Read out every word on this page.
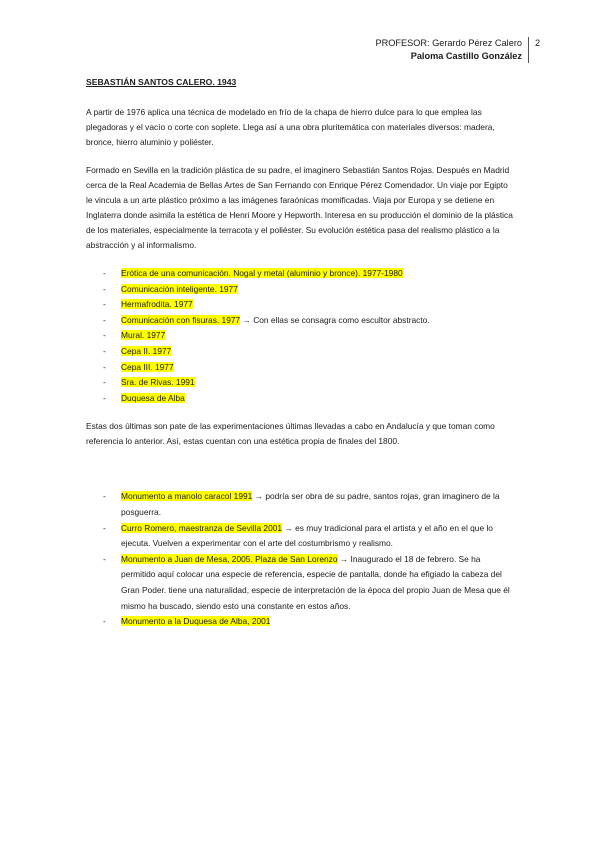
PROFESOR: Gerardo Pérez Calero
Paloma Castillo González
2
SEBASTIÁN SANTOS CALERO. 1943

A partir de 1976 aplica una técnica de modelado en frío de la chapa de hierro dulce para lo que emplea las plegadoras y el vacío o corte con soplete. Llega así a una obra pluritemática con materiales diversos: madera, bronce, hierro aluminio y poliéster.

Formado en Sevilla en la tradición plástica de su padre, el imaginero Sebastián Santos Rojas. Después en Madrid cerca de la Real Academia de Bellas Artes de San Fernando con Enrique Pérez Comendador. Un viaje por Egipto le vincula a un arte plástico próximo a las imágenes faraónicas momificadas. Viaja por Europa y se detiene en Inglaterra donde asimila la estética de Henri Moore y Hepworth. Interesa en su producción el dominio de la plástica de los materiales, especialmente la terracota y el poliéster. Su evolución estética pasa del realismo plástico a la abstracción y al informalismo.

- Erótica de una comunicación. Nogal y metal (aluminio y bronce). 1977-1980
- Comunicación inteligente. 1977
- Hermafrodita. 1977
- Comunicación con fisuras. 1977 → Con ellas se consagra como escultor abstracto.
- Mural. 1977
- Cepa II. 1977
- Cepa III. 1977
- Sra. de Rivas. 1991
- Duquesa de Alba

Estas dos últimas son pate de las experimentaciones últimas llevadas a cabo en Andalucía y que toman como referencia lo anterior. Así, estas cuentan con una estética propia de finales del 1800.

- Monumento a manolo caracol 1991 → podría ser obra de su padre, santos rojas, gran imaginero de la posguerra.
- Curro Romero, maestranza de Sevilla 2001 → es muy tradicional para el artista y el año en el que lo ejecuta. Vuelven a experimentar con el arte del costumbrismo y realismo.
- Monumento a Juan de Mesa, 2005. Plaza de San Lorenzo → Inaugurado el 18 de febrero. Se ha permitido aquí colocar una especie de referencia, especie de pantalla, donde ha efigiado la cabeza del Gran Poder. tiene una naturalidad, especie de interpretación de la época del propio Juan de Mesa que él mismo ha buscado, siendo esto una constante en estos años.
- Monumento a la Duquesa de Alba, 2001
